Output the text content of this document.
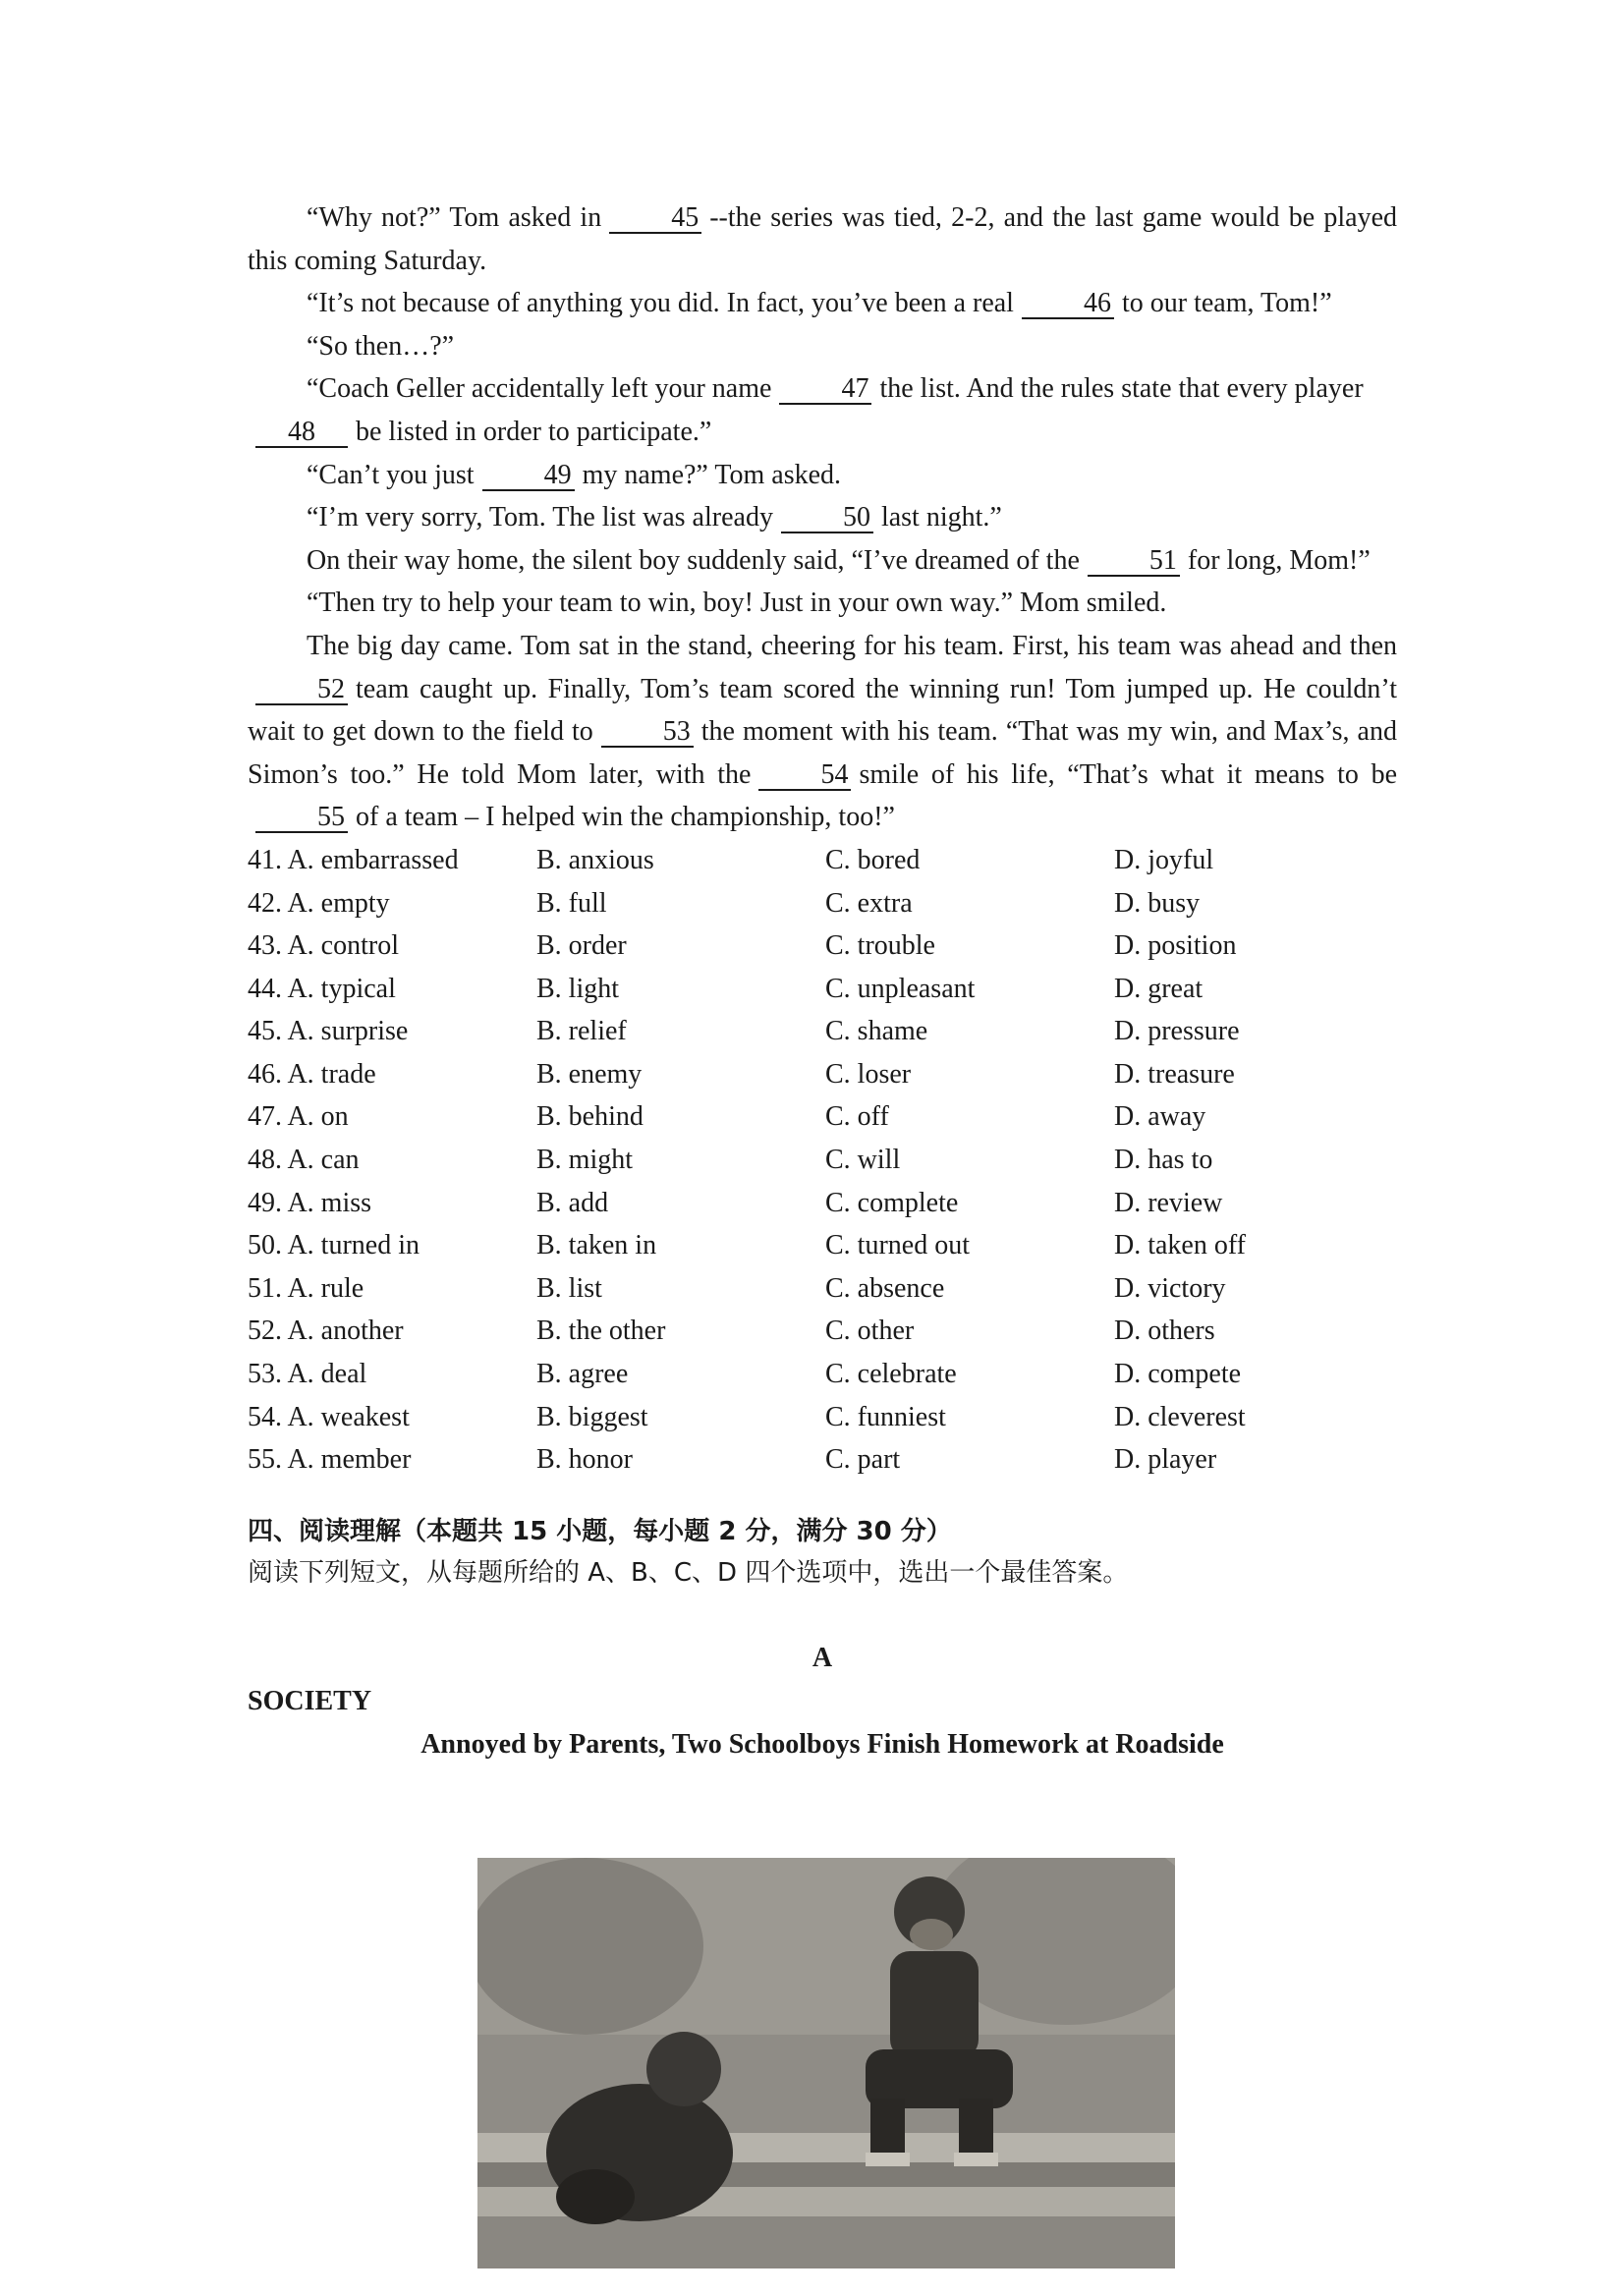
“Why not?” Tom asked in	45 --the series was tied, 2-2, and the last game would be played this coming Saturday.

“It’s not because of anything you did. In fact, you’ve been a real	46 to our team, Tom!”

“So then…?”

“Coach Geller accidentally left your name	47 the list. And the rules state that every player

48 be listed in order to participate.”

“Can’t you just	49 my name?” Tom asked.

“I’m very sorry, Tom. The list was already	50 last night.”

On their way home, the silent boy suddenly said, “I’ve dreamed of the	51 for long, Mom!”

“Then try to help your team to win, boy! Just in your own way.” Mom smiled.

The big day came. Tom sat in the stand, cheering for his team. First, his team was ahead and then52 team caught up. Finally, Tom’s team scored the winning run! Tom jumped up. He couldn’t wait to get down to the field to	53 the moment with his team. “That was my win, and Max’s, and Simon’s too.” He told Mom later, with the	54 smile of his life, “That’s what it means to be55 of a team – I helped win the championship, too!”

41. A. embarrassed	B. anxious	C. bored	D. joyful
42. A. empty	B. full	C. extra	D. busy
43. A. control	B. order	C. trouble	D. position
44. A. typical	B. light	C. unpleasant	D. great
45. A. surprise	B. relief	C. shame	D. pressure
46. A. trade	B. enemy	C. loser	D. treasure
47. A. on	B. behind	C. off	D. away
48. A. can	B. might	C. will	D. has to
49. A. miss	B. add	C. complete	D. review
50. A. turned in	B. taken in	C. turned out	D. taken off
51. A. rule	B. list	C. absence	D. victory
52. A. another	B. the other	C. other	D. others
53. A. deal	B. agree	C. celebrate	D. compete
54. A. weakest	B. biggest	C. funniest	D. cleverest
55. A. member	B. honor	C. part	D. player
四、阅读理解（本题共 15 小题，每小题 2 分，满分 30 分）
阅读下列短文，从每题所给的 A、B、C、D 四个选项中，选出一个最佳答案。
A
SOCIETY
Annoyed by Parents, Two Schoolboys Finish Homework at Roadside
